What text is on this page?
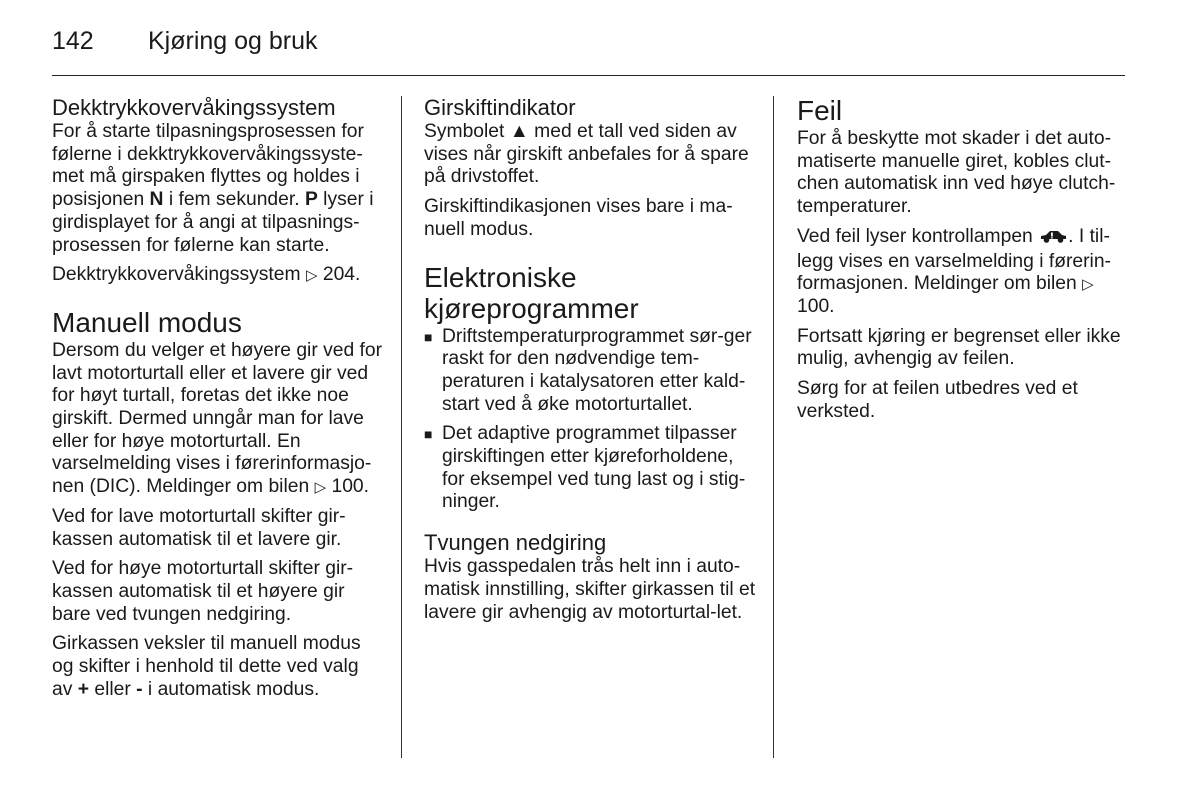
142 Kjøring og bruk
Dekktrykkovervåkingssystem

For å starte tilpasningsprosessen for følerne i dekktrykkovervåkingssyste-met må girspaken flyttes og holdes i posisjonen N i fem sekunder. P lyser i girdisplayet for å angi at tilpasnings-prosessen for følerne kan starte.

Dekktrykkovervåkingssystem ▷ 204.

Manuell modus

Dersom du velger et høyere gir ved for lavt motorturtall eller et lavere gir ved for høyt turtall, foretas det ikke noe girskift. Dermed unngår man for lave eller for høye motorturtall. En varselmelding vises i førerinformasjo-nen (DIC). Meldinger om bilen ▷ 100.

Ved for lave motorturtall skifter gir-kassen automatisk til et lavere gir.

Ved for høye motorturtall skifter gir-kassen automatisk til et høyere gir bare ved tvungen nedgiring.

Girkassen veksler til manuell modus og skifter i henhold til dette ved valg av + eller - i automatisk modus.

Girskiftindikator

Symbolet ▲ med et tall ved siden av vises når girskift anbefales for å spare på drivstoffet.

Girskiftindikasjonen vises bare i ma-nuell modus.

Elektroniske
kjøreprogrammer
■ Driftstemperaturprogrammet sør-ger raskt for den nødvendige tem-peraturen i katalysatoren etter kald-start ved å øke motorturtallet.
■ Det adaptive programmet tilpasser girskiftingen etter kjøreforholdene, for eksempel ved tung last og i stig-ninger.
Tvungen nedgiring

Hvis gasspedalen trås helt inn i auto-matisk innstilling, skifter girkassen til et lavere gir avhengig av motorturtal-let.

Feil

For å beskytte mot skader i det auto-matiserte manuelle giret, kobles clut-chen automatisk inn ved høye clutch-temperaturer.

Ved feil lyser kontrollampen . I til-legg vises en varselmelding i førerin-formasjonen. Meldinger om bilen ▷ 100.

Fortsatt kjøring er begrenset eller ikke mulig, avhengig av feilen.

Sørg for at feilen utbedres ved et verksted.
